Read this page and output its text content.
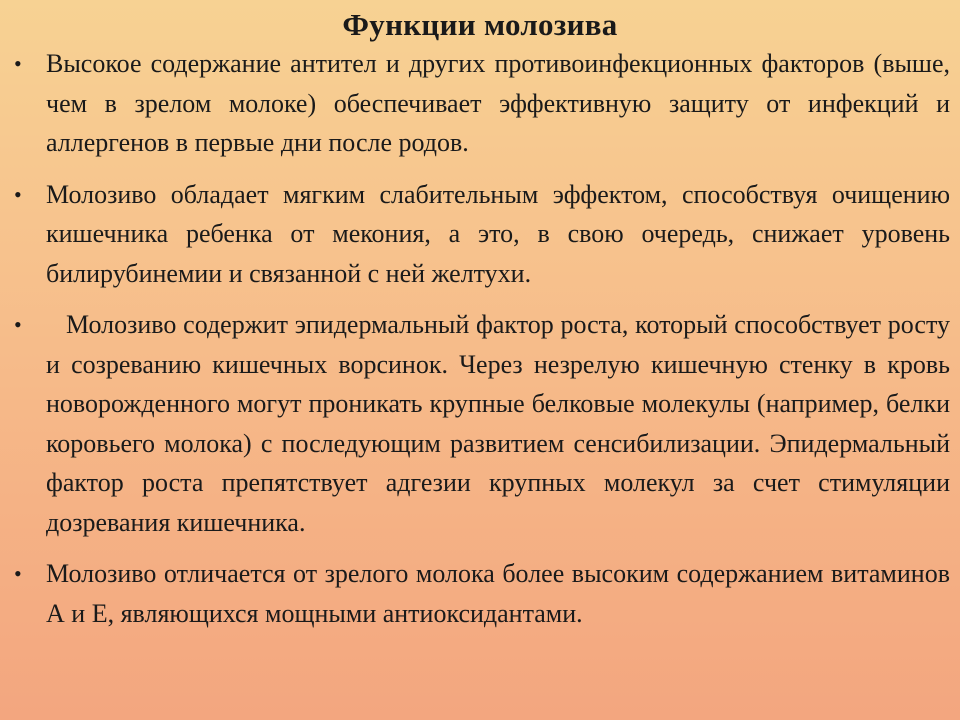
Функции молозива
• Высокое содержание антител и других противоинфекционных факторов (выше, чем в зрелом молоке) обеспечивает эффективную защиту от инфекций и аллергенов в первые дни после родов.
• Молозиво обладает мягким слабительным эффектом, способствуя очищению кишечника ребенка от мекония, а это, в свою очередь, снижает уровень билирубинемии и связанной с ней желтухи.
•	Молозиво содержит эпидермальный фактор роста, который способствует росту и созреванию кишечных ворсинок. Через незрелую кишечную стенку в кровь новорожденного могут проникать крупные белковые молекулы (например, белки коровьего молока) с последующим развитием сенсибилизации. Эпидермальный фактор роста препятствует адгезии крупных молекул за счет стимуляции дозревания кишечника.
• Молозиво отличается от зрелого молока более высоким содержанием витаминов А и Е, являющихся мощными антиоксидантами.
